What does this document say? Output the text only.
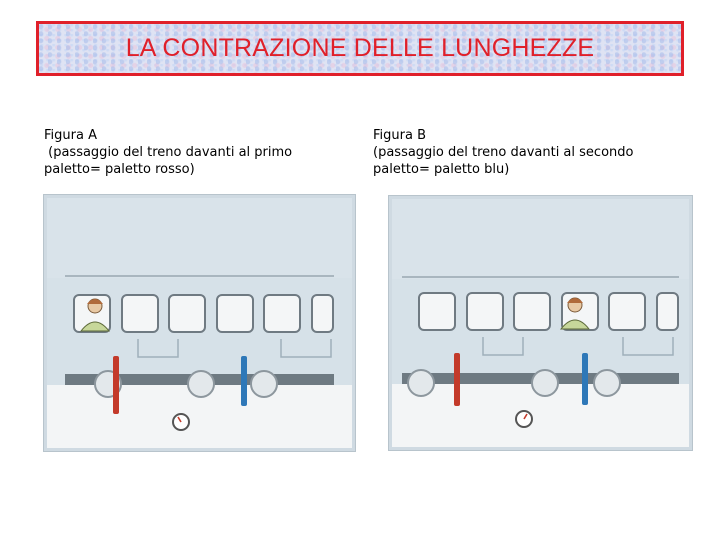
LA CONTRAZIONE DELLE LUNGHEZZE
Figura A
(passaggio del treno davanti al primo
paletto= paletto rosso)
Figura B
(passaggio del treno davanti al secondo
paletto= paletto blu)
